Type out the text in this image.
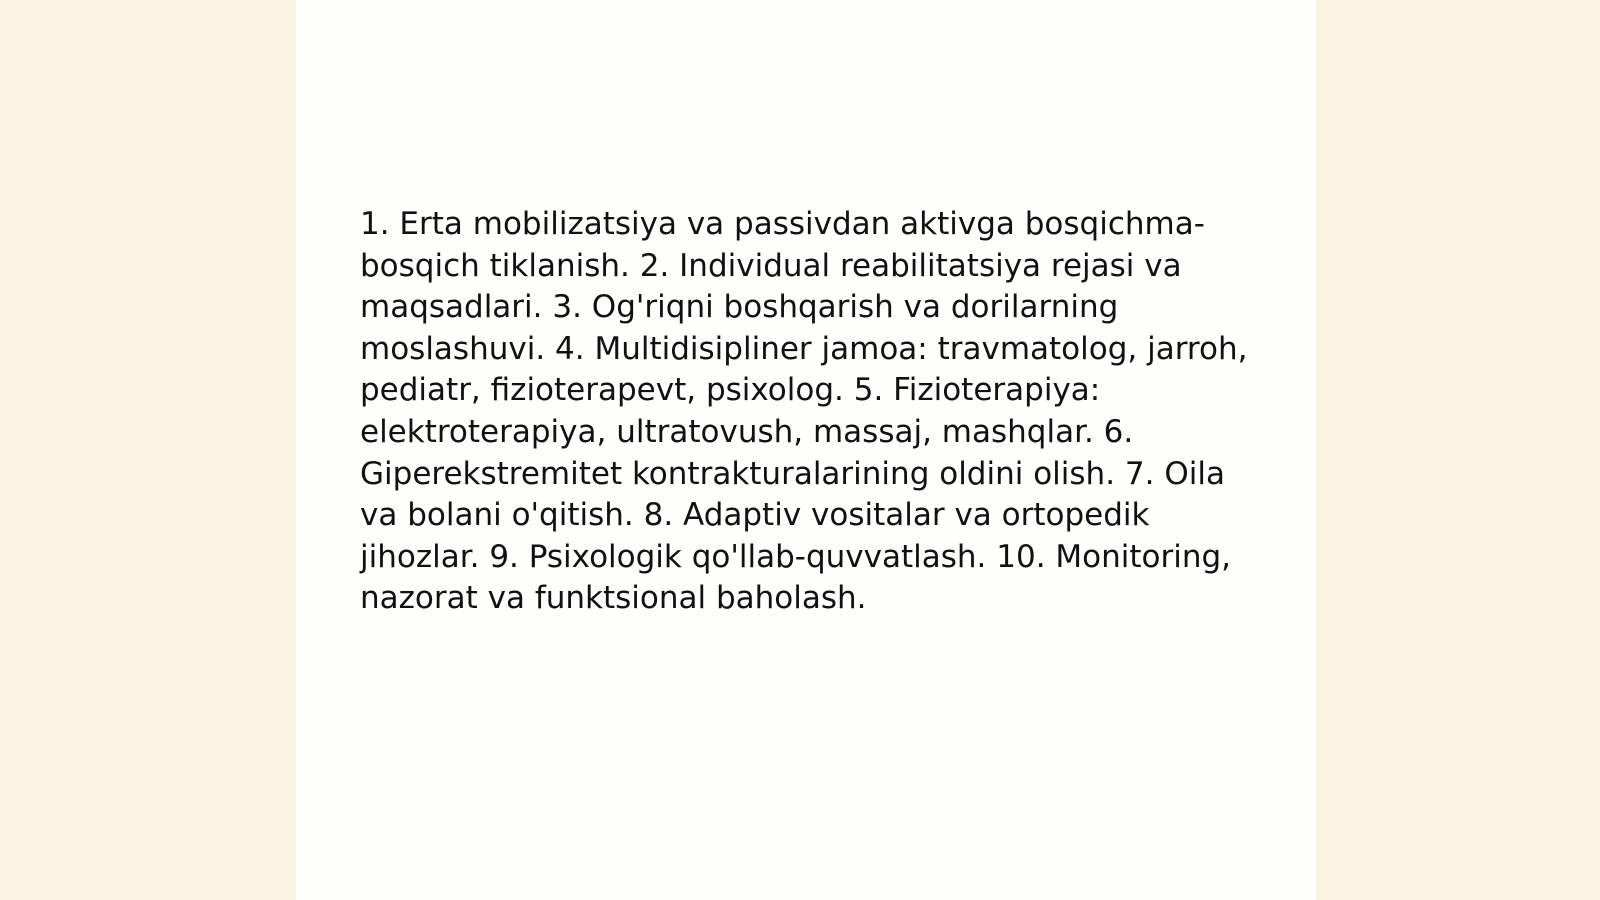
1. Erta mobilizatsiya va passivdan aktivga bosqichma-bosqich tiklanish. 2. Individual reabilitatsiya rejasi va maqsadlari. 3. Og'riqni boshqarish va dorilarning moslashuvi. 4. Multidisipliner jamoa: travmatolog, jarroh, pediatr, fizioterapevt, psixolog. 5. Fizioterapiya: elektroterapiya, ultratovush, massaj, mashqlar. 6. Giperekstremitet kontrakturalarining oldini olish. 7. Oila va bolani o'qitish. 8. Adaptiv vositalar va ortopedik jihozlar. 9. Psixologik qo'llab-quvvatlash. 10. Monitoring, nazorat va funktsional baholash.
